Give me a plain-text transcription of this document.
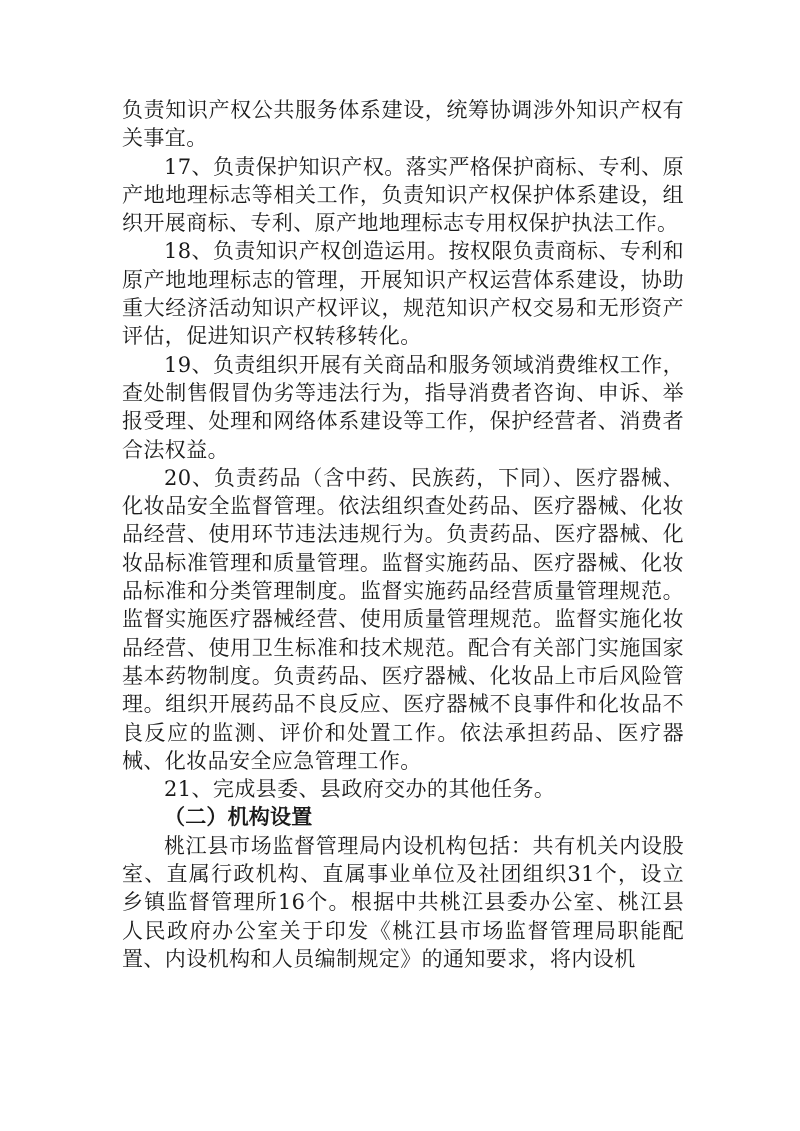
负责知识产权公共服务体系建设，统筹协调涉外知识产权有关事宜。

17、负责保护知识产权。落实严格保护商标、专利、原产地地理标志等相关工作，负责知识产权保护体系建设，组织开展商标、专利、原产地地理标志专用权保护执法工作。

18、负责知识产权创造运用。按权限负责商标、专利和原产地地理标志的管理，开展知识产权运营体系建设，协助重大经济活动知识产权评议，规范知识产权交易和无形资产评估，促进知识产权转移转化。

19、负责组织开展有关商品和服务领域消费维权工作，查处制售假冒伪劣等违法行为，指导消费者咨询、申诉、举报受理、处理和网络体系建设等工作，保护经营者、消费者合法权益。

20、负责药品（含中药、民族药，下同）、医疗器械、化妆品安全监督管理。依法组织查处药品、医疗器械、化妆品经营、使用环节违法违规行为。负责药品、医疗器械、化妆品标准管理和质量管理。监督实施药品、医疗器械、化妆品标准和分类管理制度。监督实施药品经营质量管理规范。监督实施医疗器械经营、使用质量管理规范。监督实施化妆品经营、使用卫生标准和技术规范。配合有关部门实施国家基本药物制度。负责药品、医疗器械、化妆品上市后风险管理。组织开展药品不良反应、医疗器械不良事件和化妆品不良反应的监测、评价和处置工作。依法承担药品、医疗器械、化妆品安全应急管理工作。

21、完成县委、县政府交办的其他任务。

（二）机构设置

桃江县市场监督管理局内设机构包括：共有机关内设股室、直属行政机构、直属事业单位及社团组织31个，设立乡镇监督管理所16个。根据中共桃江县委办公室、桃江县人民政府办公室关于印发《桃江县市场监督管理局职能配置、内设机构和人员编制规定》的通知要求，将内设机
